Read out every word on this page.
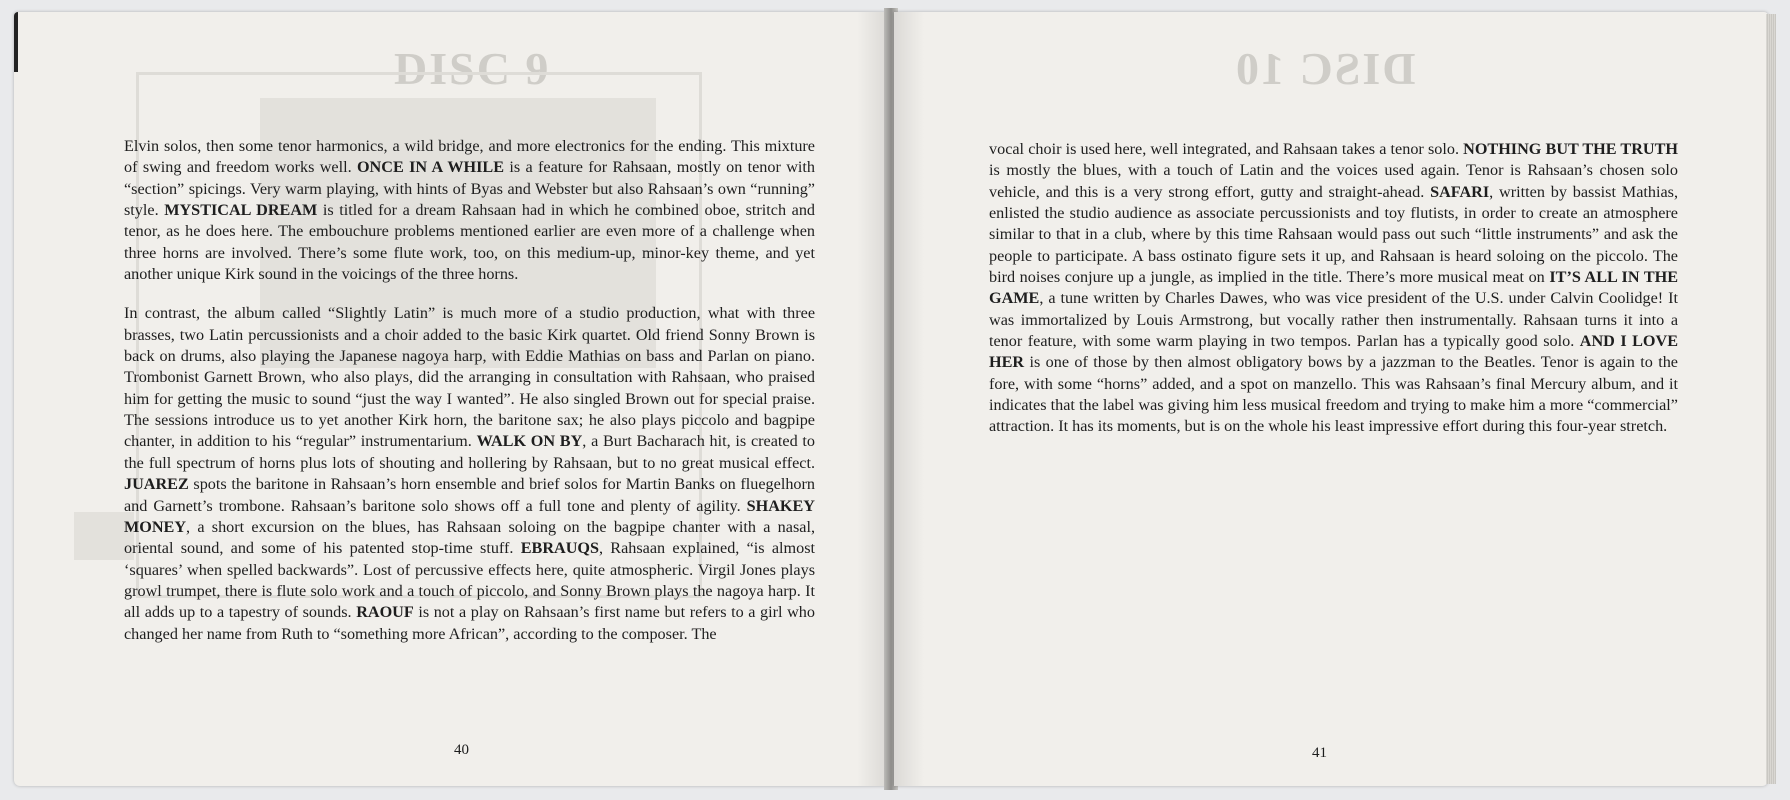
DISC 9

Elvin solos, then some tenor harmonics, a wild bridge, and more electronics for the ending. This mixture of swing and freedom works well. ONCE IN A WHILE is a feature for Rahsaan, mostly on tenor with “section” spicings. Very warm playing, with hints of Byas and Webster but also Rahsaan’s own “running” style. MYSTICAL DREAM is titled for a dream Rahsaan had in which he combined oboe, stritch and tenor, as he does here. The embouchure problems mentioned earlier are even more of a challenge when three horns are involved. There’s some flute work, too, on this medium-up, minor-key theme, and yet another unique Kirk sound in the voicings of the three horns.

In contrast, the album called “Slightly Latin” is much more of a studio production, what with three brasses, two Latin percussionists and a choir added to the basic Kirk quartet. Old friend Sonny Brown is back on drums, also playing the Japanese nagoya harp, with Eddie Mathias on bass and Parlan on piano. Trombonist Garnett Brown, who also plays, did the arranging in consultation with Rahsaan, who praised him for getting the music to sound “just the way I wanted”. He also singled Brown out for special praise. The sessions introduce us to yet another Kirk horn, the baritone sax; he also plays piccolo and bagpipe chanter, in addition to his “regular” instrumentarium. WALK ON BY, a Burt Bacharach hit, is created to the full spectrum of horns plus lots of shouting and hollering by Rahsaan, but to no great musical effect. JUAREZ spots the baritone in Rahsaan’s horn ensemble and brief solos for Martin Banks on fluegelhorn and Garnett’s trombone. Rahsaan’s baritone solo shows off a full tone and plenty of agility. SHAKEY MONEY, a short excursion on the blues, has Rahsaan soloing on the bagpipe chanter with a nasal, oriental sound, and some of his patented stop-time stuff. EBRAUQS, Rahsaan explained, “is almost ‘squares’ when spelled backwards”. Lost of percussive effects here, quite atmospheric. Virgil Jones plays growl trumpet, there is flute solo work and a touch of piccolo, and Sonny Brown plays the nagoya harp. It all adds up to a tapestry of sounds. RAOUF is not a play on Rahsaan’s first name but refers to a girl who changed her name from Ruth to “something more African”, according to the composer. The

40
DISC 10

vocal choir is used here, well integrated, and Rahsaan takes a tenor solo. NOTHING BUT THE TRUTH is mostly the blues, with a touch of Latin and the voices used again. Tenor is Rahsaan’s chosen solo vehicle, and this is a very strong effort, gutty and straight-ahead. SAFARI, written by bassist Mathias, enlisted the studio audience as associate percussionists and toy flutists, in order to create an atmosphere similar to that in a club, where by this time Rahsaan would pass out such “little instruments” and ask the people to participate. A bass ostinato figure sets it up, and Rahsaan is heard soloing on the piccolo. The bird noises conjure up a jungle, as implied in the title. There’s more musical meat on IT’S ALL IN THE GAME, a tune written by Charles Dawes, who was vice president of the U.S. under Calvin Coolidge! It was immortalized by Louis Armstrong, but vocally rather then instrumentally. Rahsaan turns it into a tenor feature, with some warm playing in two tempos. Parlan has a typically good solo. AND I LOVE HER is one of those by then almost obligatory bows by a jazzman to the Beatles. Tenor is again to the fore, with some “horns” added, and a spot on manzello. This was Rahsaan’s final Mercury album, and it indicates that the label was giving him less musical freedom and trying to make him a more “commercial” attraction. It has its moments, but is on the whole his least impressive effort during this four-year stretch.

41
